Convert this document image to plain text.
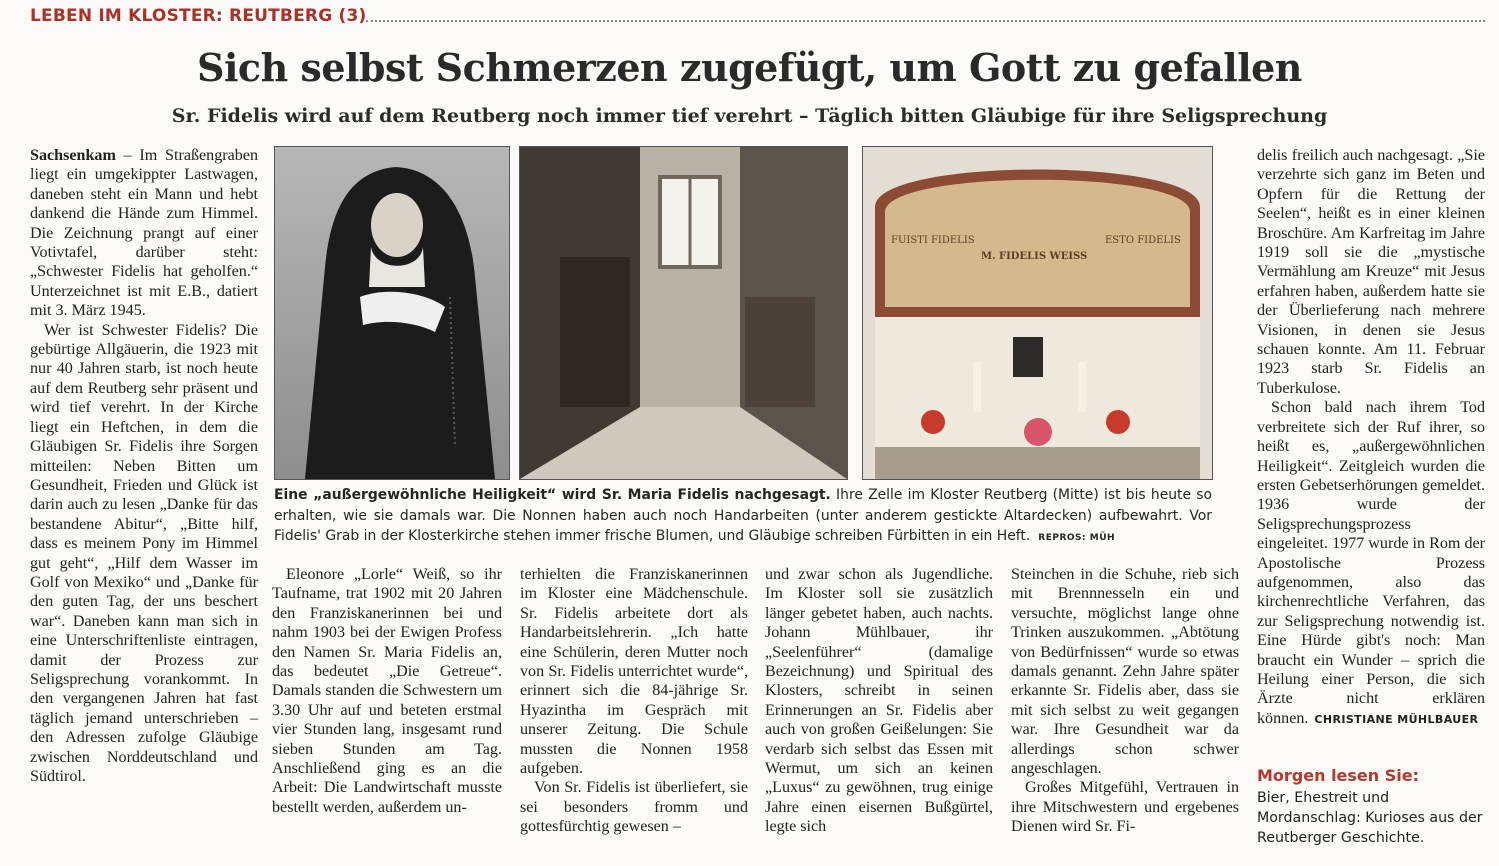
LEBEN IM KLOSTER: REUTBERG (3)
Sich selbst Schmerzen zugefügt, um Gott zu gefallen
Sr. Fidelis wird auf dem Reutberg noch immer tief verehrt – Täglich bitten Gläubige für ihre Seligsprechung

Sachsenkam – Im Straßengraben liegt ein umgekippter Lastwagen, daneben steht ein Mann und hebt dankend die Hände zum Himmel. Die Zeichnung prangt auf einer Votivtafel, darüber steht: „Schwester Fidelis hat geholfen.“ Unterzeichnet ist mit E.B., datiert mit 3. März 1945.

Wer ist Schwester Fidelis? Die gebürtige Allgäuerin, die 1923 mit nur 40 Jahren starb, ist noch heute auf dem Reutberg sehr präsent und wird tief verehrt. In der Kirche liegt ein Heftchen, in dem die Gläubigen Sr. Fidelis ihre Sorgen mitteilen: Neben Bitten um Gesundheit, Frieden und Glück ist darin auch zu lesen „Danke für das bestandene Abitur“, „Bitte hilf, dass es meinem Pony im Himmel gut geht“, „Hilf dem Wasser im Golf von Mexiko“ und „Danke für den guten Tag, der uns beschert war“. Daneben kann man sich in eine Unterschriftenliste eintragen, damit der Prozess zur Seligsprechung vorankommt. In den vergangenen Jahren hat fast täglich jemand unterschrieben – den Adressen zufolge Gläubige zwischen Norddeutschland und Südtirol.

FUISTI FIDELIS
M. FIDELIS WEISS
ESTO FIDELIS
Eine „außergewöhnliche Heiligkeit“ wird Sr. Maria Fidelis nachgesagt. Ihre Zelle im Kloster Reutberg (Mitte) ist bis heute so erhalten, wie sie damals war. Die Nonnen haben auch noch Handarbeiten (unter anderem gestickte Altardecken) aufbewahrt. Vor Fidelis' Grab in der Klosterkirche stehen immer frische Blumen, und Gläubige schreiben Fürbitten in ein Heft. REPROS: MÜH

Eleonore „Lorle“ Weiß, so ihr Taufname, trat 1902 mit 20 Jahren den Franziskanerinnen bei und nahm 1903 bei der Ewigen Profess den Namen Sr. Maria Fidelis an, das bedeutet „Die Getreue“. Damals standen die Schwestern um 3.30 Uhr auf und beteten erstmal vier Stunden lang, insgesamt rund sieben Stunden am Tag. Anschließend ging es an die Arbeit: Die Landwirtschaft musste bestellt werden, außerdem un-

terhielten die Franziskanerinnen im Kloster eine Mädchenschule. Sr. Fidelis arbeitete dort als Handarbeitslehrerin. „Ich hatte eine Schülerin, deren Mutter noch von Sr. Fidelis unterrichtet wurde“, erinnert sich die 84-jährige Sr. Hyazintha im Gespräch mit unserer Zeitung. Die Schule mussten die Nonnen 1958 aufgeben.

Von Sr. Fidelis ist überliefert, sie sei besonders fromm und gottesfürchtig gewesen –

und zwar schon als Jugendliche. Im Kloster soll sie zusätzlich länger gebetet haben, auch nachts. Johann Mühlbauer, ihr „Seelenführer“ (damalige Bezeichnung) und Spiritual des Klosters, schreibt in seinen Erinnerungen an Sr. Fidelis aber auch von großen Geißelungen: Sie verdarb sich selbst das Essen mit Wermut, um sich an keinen „Luxus“ zu gewöhnen, trug einige Jahre einen eisernen Bußgürtel, legte sich

Steinchen in die Schuhe, rieb sich mit Brennnesseln ein und versuchte, möglichst lange ohne Trinken auszukommen. „Abtötung von Bedürfnissen“ wurde so etwas damals genannt. Zehn Jahre später erkannte Sr. Fidelis aber, dass sie mit sich selbst zu weit gegangen war. Ihre Gesundheit war da allerdings schon schwer angeschlagen.

Großes Mitgefühl, Vertrauen in ihre Mitschwestern und ergebenes Dienen wird Sr. Fi-

delis freilich auch nachgesagt. „Sie verzehrte sich ganz im Beten und Opfern für die Rettung der Seelen“, heißt es in einer kleinen Broschüre. Am Karfreitag im Jahre 1919 soll sie die „mystische Vermählung am Kreuze“ mit Jesus erfahren haben, außerdem hatte sie der Überlieferung nach mehrere Visionen, in denen sie Jesus schauen konnte. Am 11. Februar 1923 starb Sr. Fidelis an Tuberkulose.

Schon bald nach ihrem Tod verbreitete sich der Ruf ihrer, so heißt es, „außergewöhnlichen Heiligkeit“. Zeitgleich wurden die ersten Gebetserhörungen gemeldet. 1936 wurde der Seligsprechungsprozess eingeleitet. 1977 wurde in Rom der Apostolische Prozess aufgenommen, also das kirchenrechtliche Verfahren, das zur Seligsprechung notwendig ist. Eine Hürde gibt's noch: Man braucht ein Wunder – sprich die Heilung einer Person, die sich Ärzte nicht erklären können. CHRISTIANE MÜHLBAUER

Morgen lesen Sie:
Bier, Ehestreit und Mordanschlag: Kurioses aus der Reutberger Geschichte.
